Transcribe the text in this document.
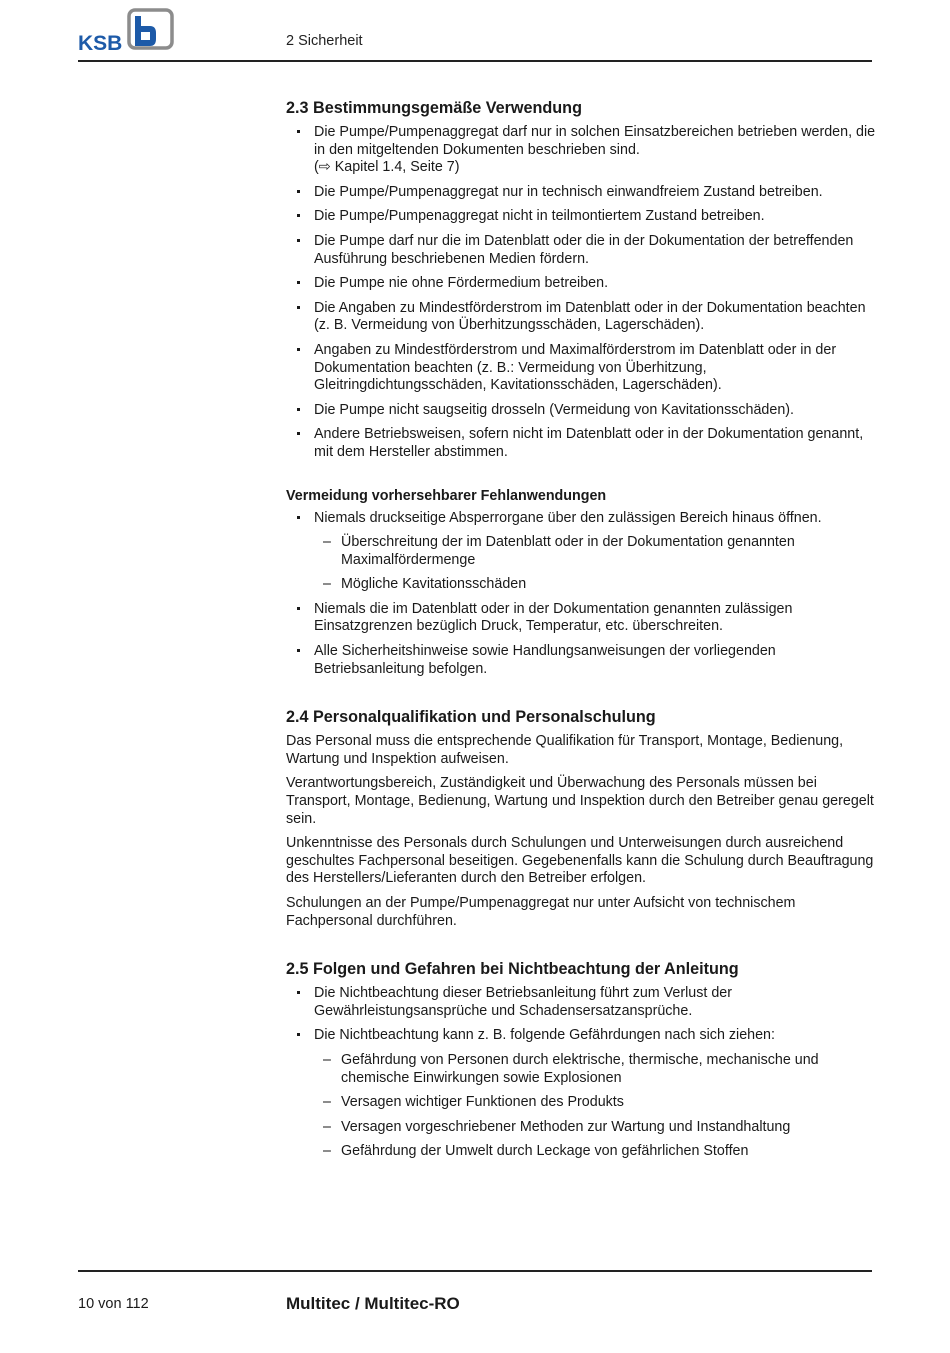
KSB	2 Sicherheit
2.3 Bestimmungsgemäße Verwendung
Die Pumpe/Pumpenaggregat darf nur in solchen Einsatzbereichen betrieben werden, die in den mitgeltenden Dokumenten beschrieben sind.
(⇨ Kapitel 1.4, Seite 7)
Die Pumpe/Pumpenaggregat nur in technisch einwandfreiem Zustand betreiben.
Die Pumpe/Pumpenaggregat nicht in teilmontiertem Zustand betreiben.
Die Pumpe darf nur die im Datenblatt oder die in der Dokumentation der betreffenden Ausführung beschriebenen Medien fördern.
Die Pumpe nie ohne Fördermedium betreiben.
Die Angaben zu Mindestförderstrom im Datenblatt oder in der Dokumentation beachten (z. B. Vermeidung von Überhitzungsschäden, Lagerschäden).
Angaben zu Mindestförderstrom und Maximalförderstrom im Datenblatt oder in der Dokumentation beachten (z. B.: Vermeidung von Überhitzung, Gleitringdichtungsschäden, Kavitationsschäden, Lagerschäden).
Die Pumpe nicht saugseitig drosseln (Vermeidung von Kavitationsschäden).
Andere Betriebsweisen, sofern nicht im Datenblatt oder in der Dokumentation genannt, mit dem Hersteller abstimmen.
Vermeidung vorhersehbarer Fehlanwendungen
Niemals druckseitige Absperrorgane über den zulässigen Bereich hinaus öffnen.
– Überschreitung der im Datenblatt oder in der Dokumentation genannten Maximalfördermenge
– Mögliche Kavitationsschäden
Niemals die im Datenblatt oder in der Dokumentation genannten zulässigen Einsatzgrenzen bezüglich Druck, Temperatur, etc. überschreiten.
Alle Sicherheitshinweise sowie Handlungsanweisungen der vorliegenden Betriebsanleitung befolgen.
2.4 Personalqualifikation und Personalschulung

Das Personal muss die entsprechende Qualifikation für Transport, Montage, Bedienung, Wartung und Inspektion aufweisen.

Verantwortungsbereich, Zuständigkeit und Überwachung des Personals müssen bei Transport, Montage, Bedienung, Wartung und Inspektion durch den Betreiber genau geregelt sein.

Unkenntnisse des Personals durch Schulungen und Unterweisungen durch ausreichend geschultes Fachpersonal beseitigen. Gegebenenfalls kann die Schulung durch Beauftragung des Herstellers/Lieferanten durch den Betreiber erfolgen.

Schulungen an der Pumpe/Pumpenaggregat nur unter Aufsicht von technischem Fachpersonal durchführen.

2.5 Folgen und Gefahren bei Nichtbeachtung der Anleitung
Die Nichtbeachtung dieser Betriebsanleitung führt zum Verlust der Gewährleistungsansprüche und Schadensersatzansprüche.
Die Nichtbeachtung kann z. B. folgende Gefährdungen nach sich ziehen:
– Gefährdung von Personen durch elektrische, thermische, mechanische und chemische Einwirkungen sowie Explosionen
– Versagen wichtiger Funktionen des Produkts
– Versagen vorgeschriebener Methoden zur Wartung und Instandhaltung
– Gefährdung der Umwelt durch Leckage von gefährlichen Stoffen
10 von 112	Multitec / Multitec-RO
